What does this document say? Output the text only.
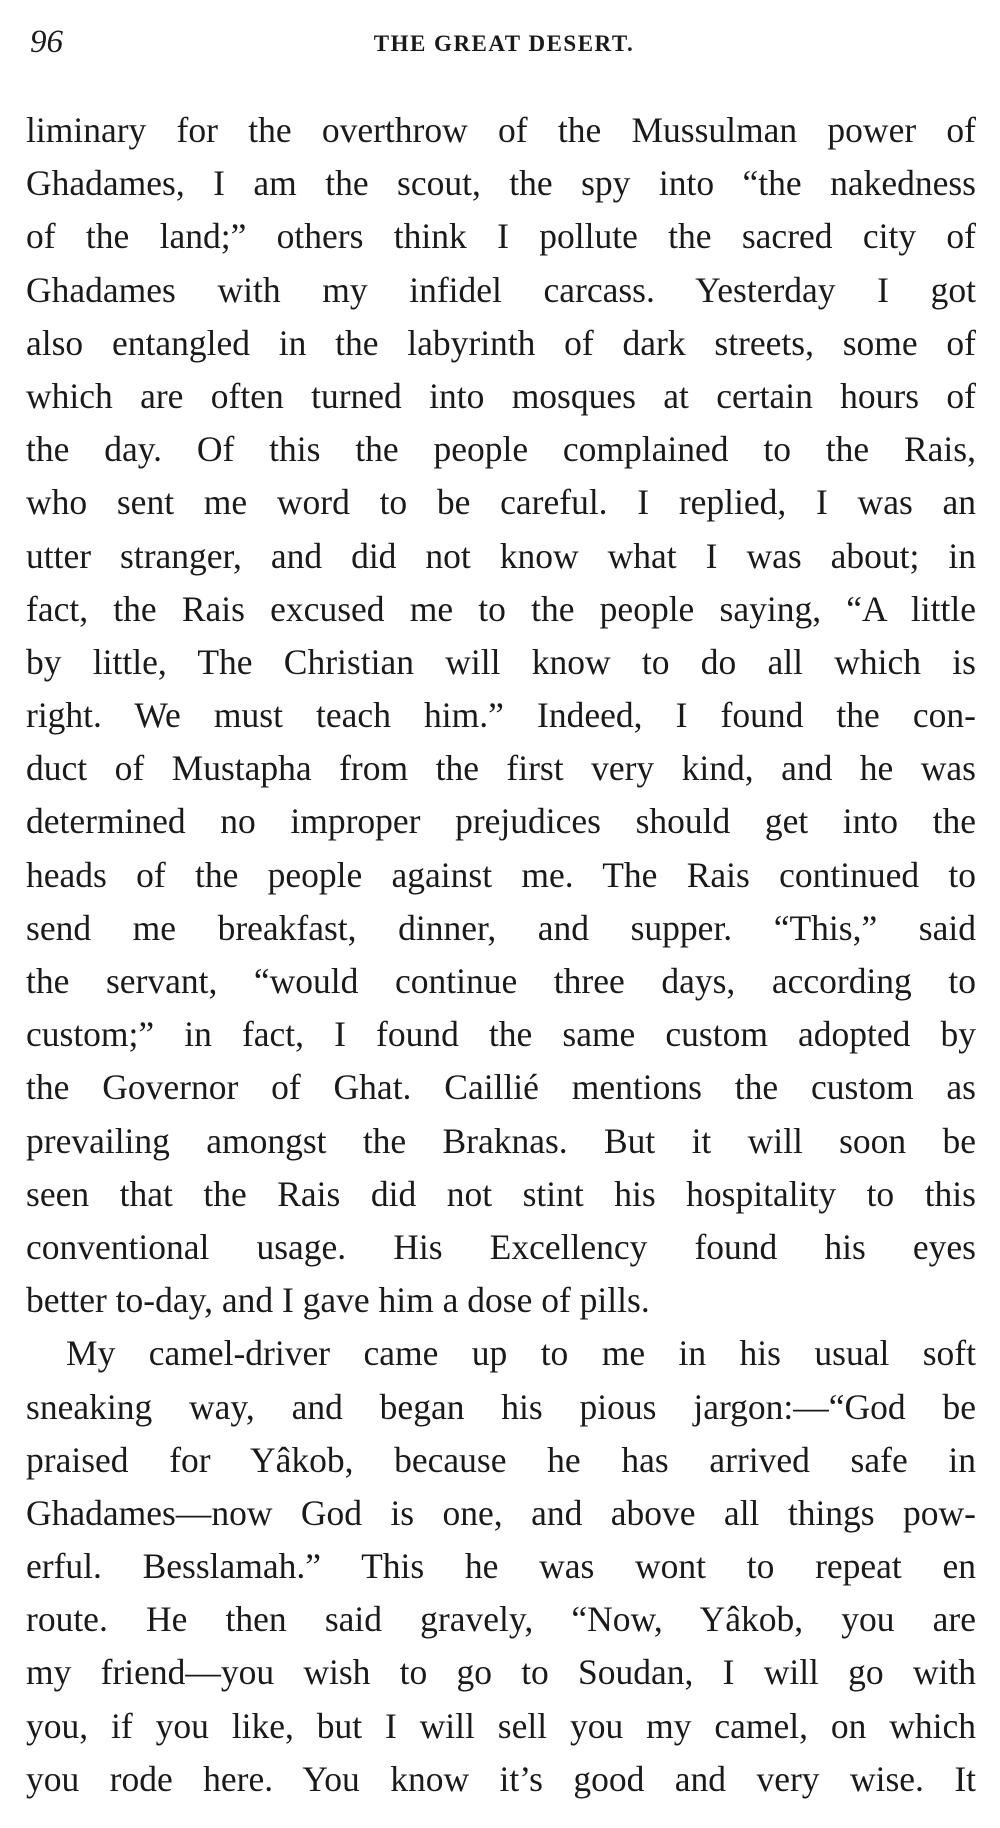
96	THE GREAT DESERT.
liminary for the overthrow of the Mussulman power of
Ghadames, I am the scout, the spy into “the nakedness
of the land;” others think I pollute the sacred city of
Ghadames with my infidel carcass. Yesterday I got
also entangled in the labyrinth of dark streets, some of
which are often turned into mosques at certain hours of
the day. Of this the people complained to the Rais,
who sent me word to be careful. I replied, I was an
utter stranger, and did not know what I was about; in
fact, the Rais excused me to the people saying, “A little
by little, The Christian will know to do all which is
right. We must teach him.” Indeed, I found the con-
duct of Mustapha from the first very kind, and he was
determined no improper prejudices should get into the
heads of the people against me. The Rais continued to
send me breakfast, dinner, and supper. “This,” said
the servant, “would continue three days, according to
custom;” in fact, I found the same custom adopted by
the Governor of Ghat. Caillié mentions the custom as
prevailing amongst the Braknas. But it will soon be
seen that the Rais did not stint his hospitality to this
conventional usage. His Excellency found his eyes
better to-day, and I gave him a dose of pills.
My camel-driver came up to me in his usual soft
sneaking way, and began his pious jargon:—“God be
praised for Yâkob, because he has arrived safe in
Ghadames—now God is one, and above all things pow-
erful. Besslamah.” This he was wont to repeat en
route. He then said gravely, “Now, Yâkob, you are
my friend—you wish to go to Soudan, I will go with
you, if you like, but I will sell you my camel, on which
you rode here. You know it’s good and very wise. It
